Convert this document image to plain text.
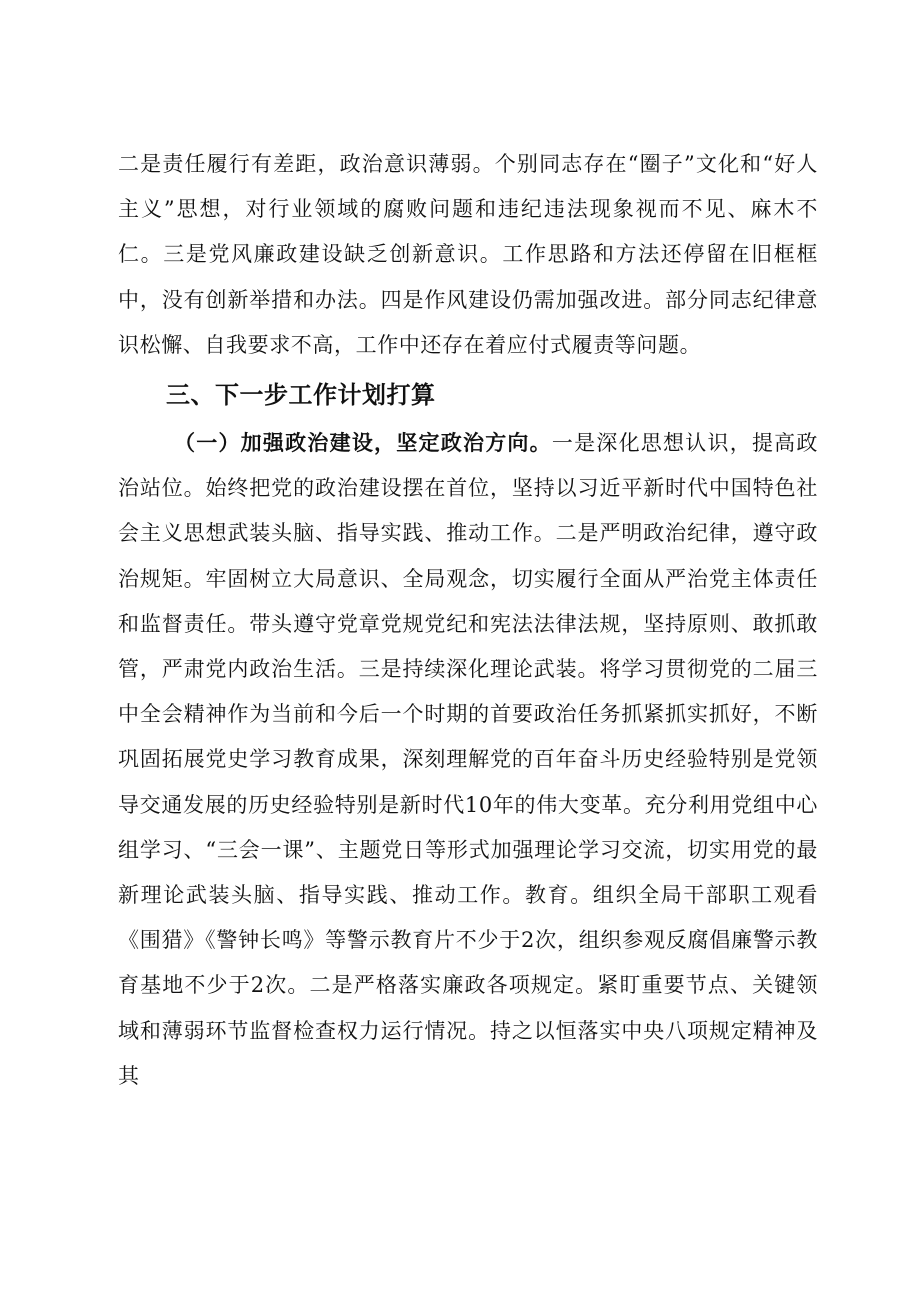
二是责任履行有差距，政治意识薄弱。个别同志存在“圈子”文化和“好人主义”思想，对行业领域的腐败问题和违纪违法现象视而不见、麻木不仁。三是党风廉政建设缺乏创新意识。工作思路和方法还停留在旧框框中，没有创新举措和办法。四是作风建设仍需加强改进。部分同志纪律意识松懈、自我要求不高，工作中还存在着应付式履责等问题。

三、下一步工作计划打算

（一）加强政治建设，坚定政治方向。一是深化思想认识，提高政治站位。始终把党的政治建设摆在首位，坚持以习近平新时代中国特色社会主义思想武装头脑、指导实践、推动工作。二是严明政治纪律，遵守政治规矩。牢固树立大局意识、全局观念，切实履行全面从严治党主体责任和监督责任。带头遵守党章党规党纪和宪法法律法规，坚持原则、敢抓敢管，严肃党内政治生活。三是持续深化理论武装。将学习贯彻党的二届三中全会精神作为当前和今后一个时期的首要政治任务抓紧抓实抓好，不断巩固拓展党史学习教育成果，深刻理解党的百年奋斗历史经验特别是党领导交通发展的历史经验特别是新时代10年的伟大变革。充分利用党组中心组学习、“三会一课”、主题党日等形式加强理论学习交流，切实用党的最新理论武装头脑、指导实践、推动工作。教育。组织全局干部职工观看《围猎》《警钟长鸣》等警示教育片不少于2次，组织参观反腐倡廉警示教育基地不少于2次。二是严格落实廉政各项规定。紧盯重要节点、关键领域和薄弱环节监督检查权力运行情况。持之以恒落实中央八项规定精神及其
